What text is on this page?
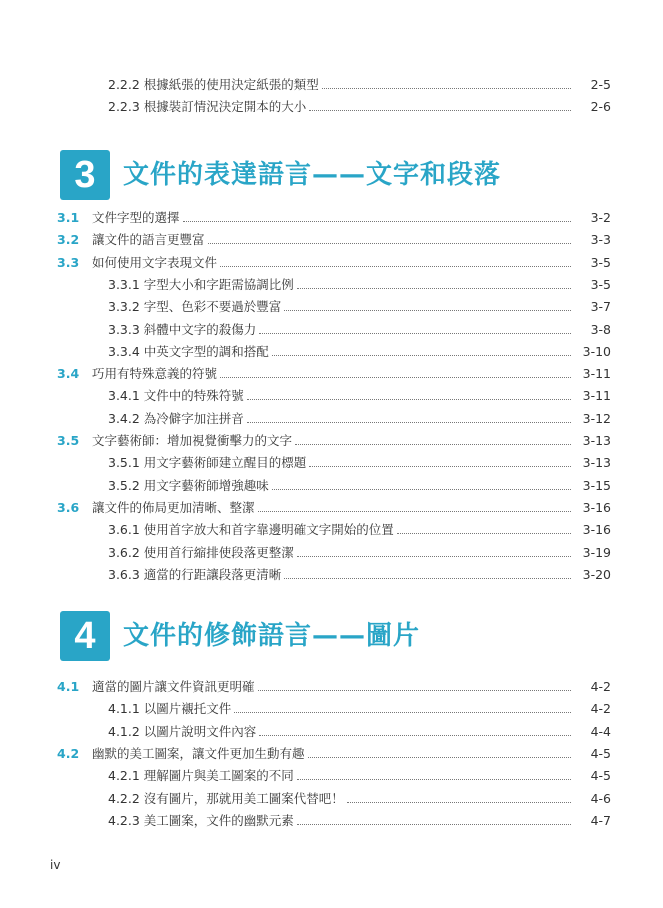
2.2.2 根據紙張的使用決定紙張的類型	2-5
2.2.3 根據裝訂情況決定開本的大小	2-6
3	文件的表達語言——文字和段落
3.1 文件字型的選擇	3-2
3.2 讓文件的語言更豐富	3-3
3.3 如何使用文字表現文件	3-5
3.3.1 字型大小和字距需協調比例	3-5
3.3.2 字型、色彩不要過於豐富	3-7
3.3.3 斜體中文字的殺傷力	3-8
3.3.4 中英文字型的調和搭配	3-10
3.4 巧用有特殊意義的符號	3-11
3.4.1 文件中的特殊符號	3-11
3.4.2 為冷僻字加注拼音	3-12
3.5 文字藝術師：增加視覺衝擊力的文字	3-13
3.5.1 用文字藝術師建立醒目的標題	3-13
3.5.2 用文字藝術師增強趣味	3-15
3.6 讓文件的佈局更加清晰、整潔	3-16
3.6.1 使用首字放大和首字靠邊明確文字開始的位置	3-16
3.6.2 使用首行縮排使段落更整潔	3-19
3.6.3 適當的行距讓段落更清晰	3-20
4	文件的修飾語言——圖片
4.1 適當的圖片讓文件資訊更明確	4-2
4.1.1 以圖片襯托文件	4-2
4.1.2 以圖片說明文件內容	4-4
4.2 幽默的美工圖案，讓文件更加生動有趣	4-5
4.2.1 理解圖片與美工圖案的不同	4-5
4.2.2 沒有圖片，那就用美工圖案代替吧！	4-6
4.2.3 美工圖案，文件的幽默元素	4-7
iv
